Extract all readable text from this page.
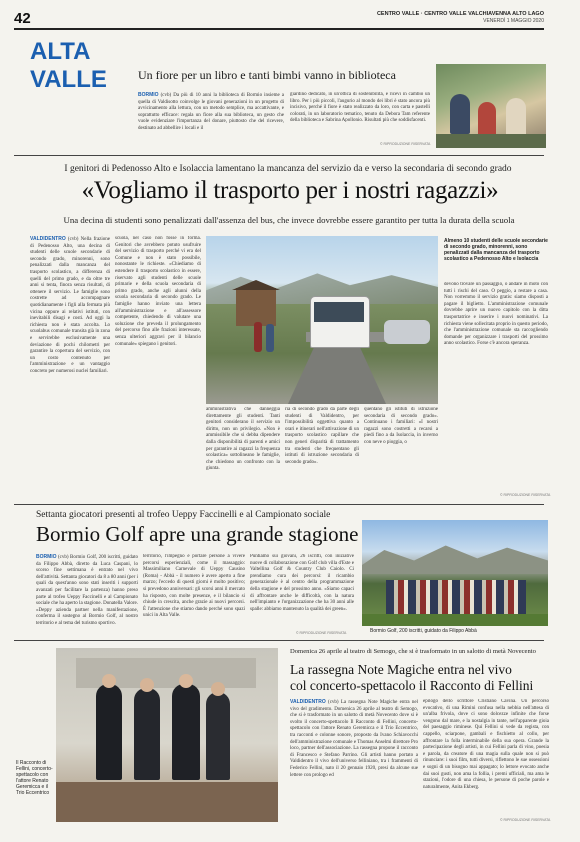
42	CENTRO VALLE · CENTRO VALLE VALCHIAVENNA ALTO LAGO
VENERDÌ 1 MAGGIO 2020
ALTA
VALLE	Un fiore per un libro e tanti bimbi vanno in biblioteca
BORMIO (cvb) Da più di 10 anni la biblioteca di Bormio insieme a quella di Valdisotto coinvolge le giovani generazioni in un progetto di avvicinamento alla lettura, con un metodo semplice, ma accattivante, e soprattutto efficace: regala un fiore alla sua biblioteca, un gesto che vuole evidenziare l'importanza del donare, piuttosto che del ricevere, destinato ad abbellire i locali e il
giardino dedicato, in un'ottica di sostenibilità, e ricevi in cambio un libro. Per i più piccoli, l'augurio al mondo dei libri è stato ancora più incisivo, perché il fiore è stato realizzato da loro, con carta e pastelli colorati, in un laboratorio tematico, tenuto da Debora Tam referente della biblioteca e Sabrina Apollonio. Risultati più che soddisfacenti.
© RIPRODUZIONE RISERVATA
I genitori di Pedenosso Alto e Isolaccia lamentano la mancanza del servizio da e verso la secondaria di secondo grado
«Vogliamo il trasporto per i nostri ragazzi»
Una decina di studenti sono penalizzati dall'assenza del bus, che invece dovrebbe essere garantito per tutta la durata della scuola
VALDIDENTRO (cvb) Nella frazione di Pedenosso Alto, una decina di studenti delle scuole secondarie di secondo grado, minorenni, sono penalizzati dalla mancanza del trasporto scolastico, a differenza di quelli del primo grado, e da oltre tre anni si tenta, finora senza risultati, di ottenere il servizio. Le famiglie sono costrette ad accompagnare quotidianamente i figli alla fermata più vicina oppure ai relativi istituti, con inevitabili disagi e costi. Ad oggi la richiesta non è stata accolta. Lo scuolabus comunale transita già in zona e servirebbe esclusivamente una deviazione di pochi chilometri per garantire la copertura del servizio, con un costo contenuto per l'amministrazione e un vantaggio concreto per numerosi nuclei familiari.
scuola, nel caso non fosse in forma. Genitori che avrebbero potuto usufruire del servizio di trasporto perché vi era del Comune e non è stato possibile, nonostante le richieste. «Chiediamo di estendere il trasporto scolastico in essere, riservato agli studenti delle scuole primarie e della scuola secondaria di primo grado, anche agli alunni della scuola secondaria di secondo grado. Le famiglie hanno inviato una lettera all'amministrazione e all'assessore competente, chiedendo di valutare una soluzione che preveda il prolungamento del percorso fino alle frazioni interessate, senza ulteriori aggravi per il bilancio comunale» spiegano i genitori.
amministrativa che danneggia direttamente gli studenti. Tanti genitori considerano il servizio un diritto, non un privilegio. «Non è ammissibile che si debba dipendere dalla disponibilità di parenti e amici per garantire ai ragazzi la frequenza scolastica» sottolineano le famiglie, che chiedono un confronto con la giunta.
ria di secondo grado da parte degli studenti di Valdidentro, per l'impossibilità oggettiva quanto a orari e itinerari nell'attivazione di un trasporto scolastico capillare che non generi disparità di trattamento tra studenti che frequentano gli istituti di istruzione secondaria di secondo grado».
quentano gli istituti di istruzione secondaria di secondo grado». Continuano i familiari: «I nostri ragazzi sono costretti a recarsi a piedi fino a da Isolaccia, in inverno con neve o pioggia, o
Almeno 10 studenti delle scuole secondarie di secondo grado, minorenni, sono penalizzati dalla mancanza del trasporto scolastico a Pedenosso Alto e Isolaccia
devono trovare un passaggio, o andare in moto con tutti i rischi del caso. O peggio, a restare a casa. Non vorremmo il servizio gratis: siamo disposti a pagare il biglietto. L'amministrazione comunale dovrebbe aprire un nuovo capitolo con la ditta trasportatrice e inserire i nuovi nominativi. La richiesta viene sollecitata proprio in questo periodo, che l'amministrazione comunale sta raccogliendo domande per organizzare i trasporti del prossimo anno scolastico. Forse c'è ancora speranza.
© RIPRODUZIONE RISERVATA
Settanta giocatori presenti al trofeo Ueppy Faccinelli e al Campionato sociale
Bormio Golf apre una grande stagione
BORMIO (cvb) Bormio Golf, 200 iscritti, guidato da Filippo Abbà, diretto da Luca Caspani, lo scorso fine settimana è entrato nel vivo dell'attività. Settanta giocatori da 8 a 80 anni (per i quali da quest'anno sono stati inseriti i supporti avanzati per facilitare la partenza) hanno preso parte al trofeo Ueppy Faccinelli e al Campionato sociale che ha aperto la stagione. Donatella Valore. «Deppy azienda partner nella manifestazione, conferma il sostegno al Bormio Golf, al nostro territorio e al tema del turismo sportivo.
territorio, l'impegno è portare persone a vivere percorsi esperienziali, come il massaggio: Massimiliano Carnevale di Ueppy Causino (Roma) - Abbà - il numero è avere aperto a fine marzo; l'eccedo di questi giorni è molto positivo; si prevedono anniversari: gli scorsi anni il mercato ha risposto, con molte presenze, e il bilancio si chiude in crescita, anche grazie ai nuovi percorsi. È l'attenzione che stiamo dando perché sono spazi unici in Alta Valle.
Puntiamo sui giovani, 26 iscritti, con iniziative nuove di collaborazione con Golf club villa d'Este e Valtellina Golf & Country Club Caiolo. Ci prendiamo cura dei percorsi: il ricambio generazionale è al centro della programmazione della stagione e del prossimo anno. «Siamo capaci di affrontare anche le difficoltà, con la natura nell'impianto e l'organizzazione che ha 30 anni alle spalle: abbiamo mantenuto la qualità dei green».
© RIPRODUZIONE RISERVATA	Bormio Golf, 200 iscritti, guidato da Filippo Abbà
Il Racconto di Fellini, concerto-spettacolo con l'attore Renato Geremicca e il Trio Eccentrico
Domenica 26 aprile al teatro di Semogo, che si è trasformato in un salotto di metà Novecento
La rassegna Note Magiche entra nel vivo
col concerto-spettacolo il Racconto di Fellini
VALDIDENTRO (cvb) La rassegna Note Magiche entra nel vivo del gradimento. Domenica 26 aprile al teatro di Semogo, che si è trasformato in un salotto di metà Novecento dove si è svolto il concerto-spettacolo Il Racconto di Fellini, concerto-spettacolo con l'attore Renato Geremicca e il Trio Eccentrico, tra racconti e colonne sonore, proposto da Ivano Schiavocchi dell'amministrazione comunale e Thomas Anselmi direttore Pro loco, partner dell'associazione. La rassegna propone il racconto di Francesco e Stefano Parrino. Gli artisti hanno portato a Valdidentro il vivo dell'universo felliniano, tra i frammenti di Federico Fellini, nato il 20 gennaio 1920, presi da alcune sue lettere con prologo ed
epilogo dello scrittore Cristiano Cavina. Un percorso evocativo, di una Rimini confusa nella nebbia nell'attesa di un'alba frivola, dove ci sono dolcezze infinite che forse vengono dal mare, e la nostalgia in tante, nell'apparente gioia del paesaggio riminese. Qui Fellini si vede da regista, con cappello, sciarpone, gambali e fischietto al collo, per affrontare la folla interminabile della sua opera. Grande la partecipazione degli artisti, in cui Fellini parla di vino, poesia e parola, da creatore di una magia sulla quale non si può rinunciare: i suoi film, tutti diversi, riflettono le sue ossessioni e sogni di un bisogno mai appagato; lo lettore evocato anche dai suoi gusti, non ama la follia, i premi ufficiali, ma ama le stazioni, l'odore di una chiesa, le persone di poche parole e naturalmente, Anita Ekberg.
© RIPRODUZIONE RISERVATA
